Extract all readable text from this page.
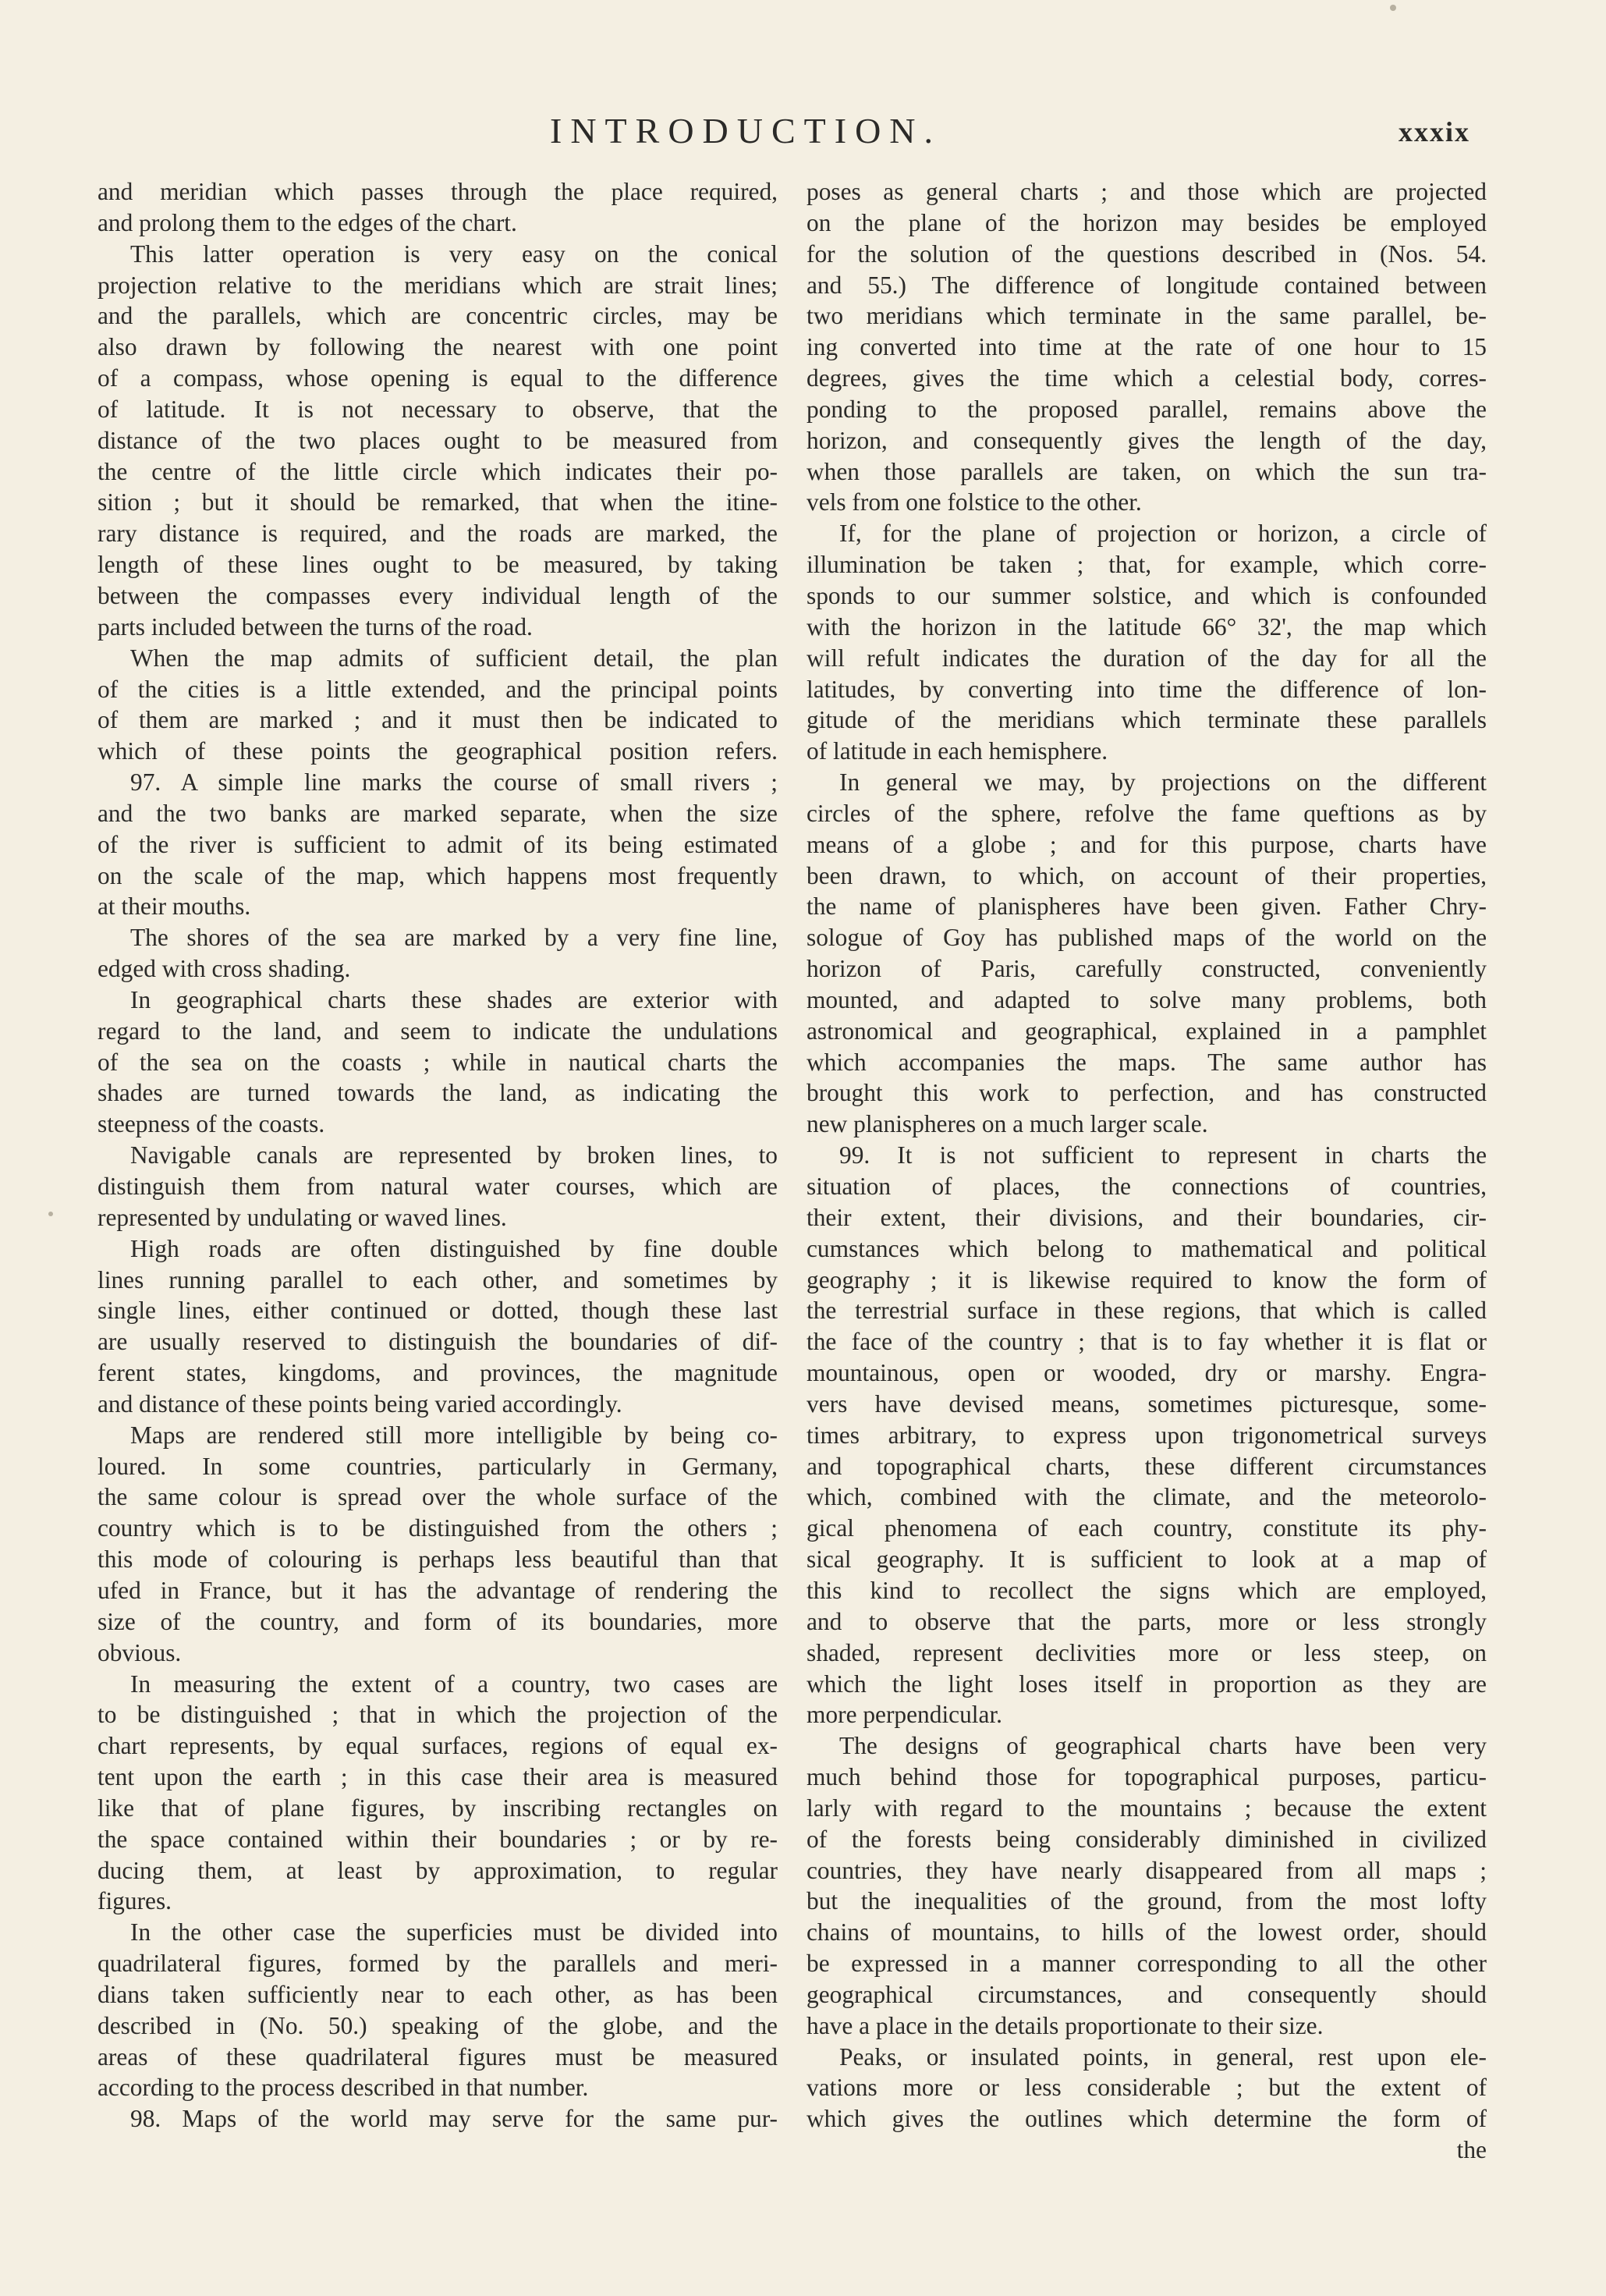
INTRODUCTION.	xxxix
and meridian which passes through the place required,
and prolong them to the edges of the chart.
This latter operation is very easy on the conical
projection relative to the meridians which are strait lines;
and the parallels, which are concentric circles, may be
also drawn by following the nearest with one point
of a compass, whose opening is equal to the difference
of latitude. It is not necessary to observe, that the
distance of the two places ought to be measured from
the centre of the little circle which indicates their po-
sition ; but it should be remarked, that when the itine-
rary distance is required, and the roads are marked, the
length of these lines ought to be measured, by taking
between the compasses every individual length of the
parts included between the turns of the road.
When the map admits of sufficient detail, the plan
of the cities is a little extended, and the principal points
of them are marked ; and it must then be indicated to
which of these points the geographical position refers.
97. A simple line marks the course of small rivers ;
and the two banks are marked separate, when the size
of the river is sufficient to admit of its being estimated
on the scale of the map, which happens most frequently
at their mouths.
The shores of the sea are marked by a very fine line,
edged with cross shading.
In geographical charts these shades are exterior with
regard to the land, and seem to indicate the undulations
of the sea on the coasts ; while in nautical charts the
shades are turned towards the land, as indicating the
steepness of the coasts.
Navigable canals are represented by broken lines, to
distinguish them from natural water courses, which are
represented by undulating or waved lines.
High roads are often distinguished by fine double
lines running parallel to each other, and sometimes by
single lines, either continued or dotted, though these last
are usually reserved to distinguish the boundaries of dif-
ferent states, kingdoms, and provinces, the magnitude
and distance of these points being varied accordingly.
Maps are rendered still more intelligible by being co-
loured. In some countries, particularly in Germany,
the same colour is spread over the whole surface of the
country which is to be distinguished from the others ;
this mode of colouring is perhaps less beautiful than that
ufed in France, but it has the advantage of rendering the
size of the country, and form of its boundaries, more
obvious.
In measuring the extent of a country, two cases are
to be distinguished ; that in which the projection of the
chart represents, by equal surfaces, regions of equal ex-
tent upon the earth ; in this case their area is measured
like that of plane figures, by inscribing rectangles on
the space contained within their boundaries ; or by re-
ducing them, at least by approximation, to regular
figures.
In the other case the superficies must be divided into
quadrilateral figures, formed by the parallels and meri-
dians taken sufficiently near to each other, as has been
described in (No. 50.) speaking of the globe, and the
areas of these quadrilateral figures must be measured
according to the process described in that number.
98. Maps of the world may serve for the same pur-
poses as general charts ; and those which are projected
on the plane of the horizon may besides be employed
for the solution of the questions described in (Nos. 54.
and 55.) The difference of longitude contained between
two meridians which terminate in the same parallel, be-
ing converted into time at the rate of one hour to 15
degrees, gives the time which a celestial body, corres-
ponding to the proposed parallel, remains above the
horizon, and consequently gives the length of the day,
when those parallels are taken, on which the sun tra-
vels from one folstice to the other.
If, for the plane of projection or horizon, a circle of
illumination be taken ; that, for example, which corre-
sponds to our summer solstice, and which is confounded
with the horizon in the latitude 66° 32', the map which
will refult indicates the duration of the day for all the
latitudes, by converting into time the difference of lon-
gitude of the meridians which terminate these parallels
of latitude in each hemisphere.
In general we may, by projections on the different
circles of the sphere, refolve the fame queftions as by
means of a globe ; and for this purpose, charts have
been drawn, to which, on account of their properties,
the name of planispheres have been given. Father Chry-
sologue of Goy has published maps of the world on the
horizon of Paris, carefully constructed, conveniently
mounted, and adapted to solve many problems, both
astronomical and geographical, explained in a pamphlet
which accompanies the maps. The same author has
brought this work to perfection, and has constructed
new planispheres on a much larger scale.
99. It is not sufficient to represent in charts the
situation of places, the connections of countries,
their extent, their divisions, and their boundaries, cir-
cumstances which belong to mathematical and political
geography ; it is likewise required to know the form of
the terrestrial surface in these regions, that which is called
the face of the country ; that is to fay whether it is flat or
mountainous, open or wooded, dry or marshy. Engra-
vers have devised means, sometimes picturesque, some-
times arbitrary, to express upon trigonometrical surveys
and topographical charts, these different circumstances
which, combined with the climate, and the meteorolo-
gical phenomena of each country, constitute its phy-
sical geography. It is sufficient to look at a map of
this kind to recollect the signs which are employed,
and to observe that the parts, more or less strongly
shaded, represent declivities more or less steep, on
which the light loses itself in proportion as they are
more perpendicular.
The designs of geographical charts have been very
much behind those for topographical purposes, particu-
larly with regard to the mountains ; because the extent
of the forests being considerably diminished in civilized
countries, they have nearly disappeared from all maps ;
but the inequalities of the ground, from the most lofty
chains of mountains, to hills of the lowest order, should
be expressed in a manner corresponding to all the other
geographical circumstances, and consequently should
have a place in the details proportionate to their size.
Peaks, or insulated points, in general, rest upon ele-
vations more or less considerable ; but the extent of
which gives the outlines which determine the form of
the
